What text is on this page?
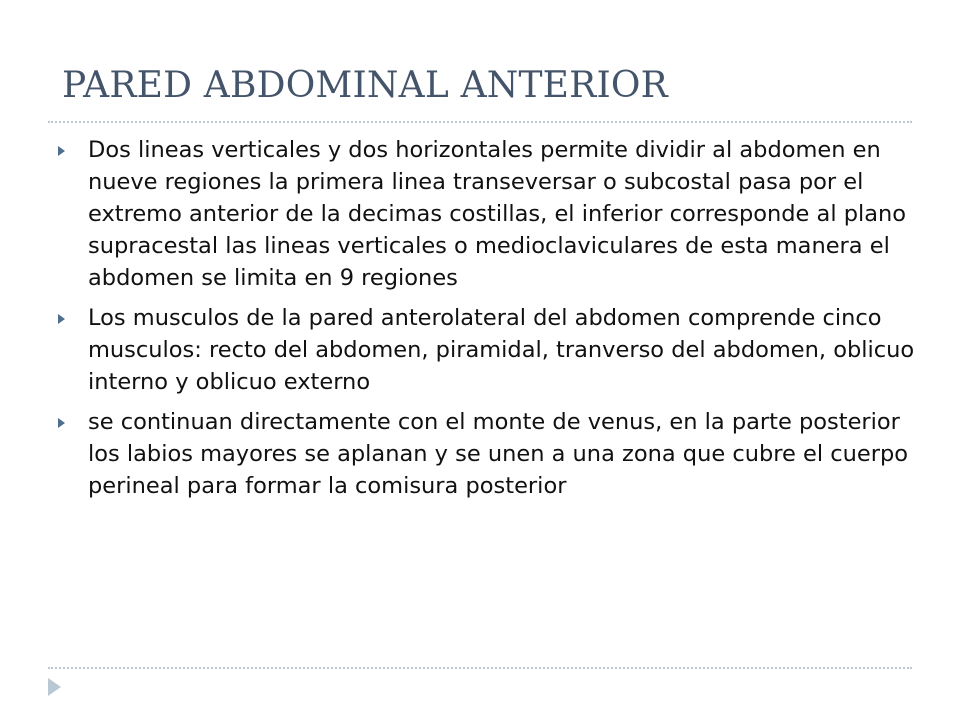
PARED ABDOMINAL ANTERIOR
Dos lineas verticales y dos horizontales permite dividir al abdomen en nueve regiones la primera linea transeversar o subcostal pasa por el extremo anterior de la decimas costillas, el inferior corresponde al plano supracestal las lineas verticales o medioclaviculares de esta manera el abdomen se limita en 9 regiones
Los musculos de la pared anterolateral del abdomen comprende cinco musculos: recto del abdomen, piramidal, tranverso del abdomen, oblicuo interno y oblicuo externo
se continuan directamente con el monte de venus, en la parte posterior los labios mayores se aplanan y se unen a una zona que cubre el cuerpo perineal para formar la comisura posterior
